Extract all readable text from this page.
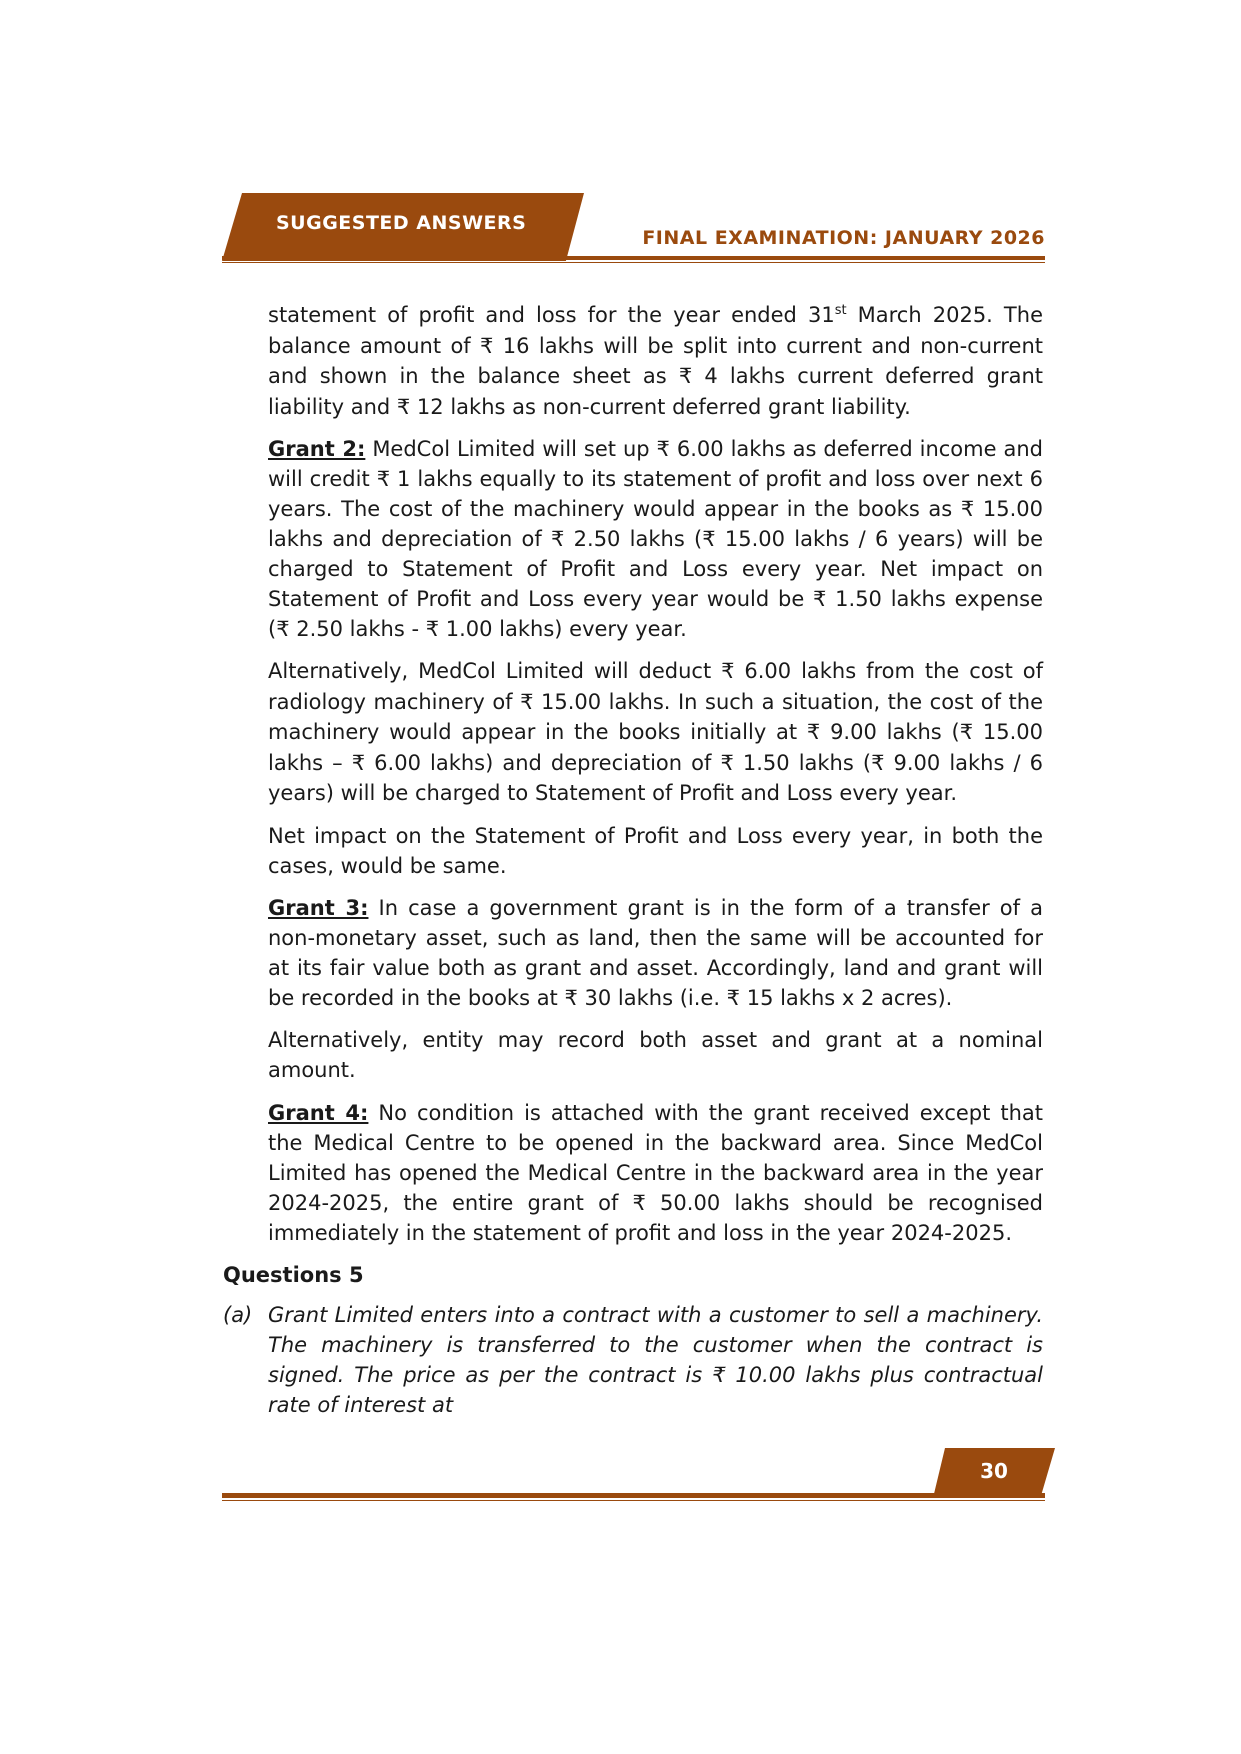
SUGGESTED ANSWERS
FINAL EXAMINATION: JANUARY 2026

statement of profit and loss for the year ended 31st March 2025. The balance amount of ₹ 16 lakhs will be split into current and non-current and shown in the balance sheet as ₹ 4 lakhs current deferred grant liability and ₹ 12 lakhs as non-current deferred grant liability.

Grant 2: MedCol Limited will set up ₹ 6.00 lakhs as deferred income and will credit ₹ 1 lakhs equally to its statement of profit and loss over next 6 years. The cost of the machinery would appear in the books as ₹ 15.00 lakhs and depreciation of ₹ 2.50 lakhs (₹ 15.00 lakhs / 6 years) will be charged to Statement of Profit and Loss every year. Net impact on Statement of Profit and Loss every year would be ₹ 1.50 lakhs expense (₹ 2.50 lakhs - ₹ 1.00 lakhs) every year.

Alternatively, MedCol Limited will deduct ₹ 6.00 lakhs from the cost of radiology machinery of ₹ 15.00 lakhs. In such a situation, the cost of the machinery would appear in the books initially at ₹ 9.00 lakhs (₹ 15.00 lakhs – ₹ 6.00 lakhs) and depreciation of ₹ 1.50 lakhs (₹ 9.00 lakhs / 6 years) will be charged to Statement of Profit and Loss every year.

Net impact on the Statement of Profit and Loss every year, in both the cases, would be same.

Grant 3: In case a government grant is in the form of a transfer of a non-monetary asset, such as land, then the same will be accounted for at its fair value both as grant and asset. Accordingly, land and grant will be recorded in the books at ₹ 30 lakhs (i.e. ₹ 15 lakhs x 2 acres).

Alternatively, entity may record both asset and grant at a nominal amount.

Grant 4: No condition is attached with the grant received except that the Medical Centre to be opened in the backward area. Since MedCol Limited has opened the Medical Centre in the backward area in the year 2024-2025, the entire grant of ₹ 50.00 lakhs should be recognised immediately in the statement of profit and loss in the year 2024-2025.

Questions 5

(a) Grant Limited enters into a contract with a customer to sell a machinery. The machinery is transferred to the customer when the contract is signed. The price as per the contract is ₹ 10.00 lakhs plus contractual rate of interest at

30
